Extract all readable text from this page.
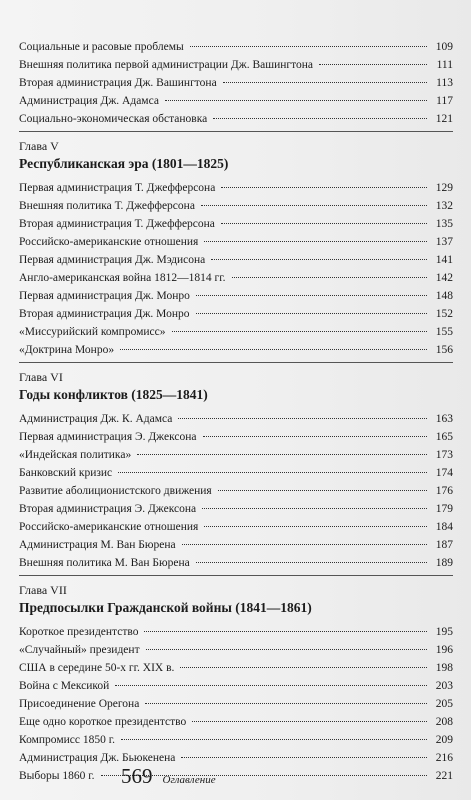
Социальные и расовые проблемы	109
Внешняя политика первой администрации Дж. Вашингтона	111
Вторая администрация Дж. Вашингтона	113
Администрация Дж. Адамса	117
Социально-экономическая обстановка	121
Глава V
Республиканская эра (1801—1825)
Первая администрация Т. Джефферсона	129
Внешняя политика Т. Джефферсона	132
Вторая администрация Т. Джефферсона	135
Российско-американские отношения	137
Первая администрация Дж. Мэдисона	141
Англо-американская война 1812—1814 гг.	142
Первая администрация Дж. Монро	148
Вторая администрация Дж. Монро	152
«Миссурийский компромисс»	155
«Доктрина Монро»	156
Глава VI
Годы конфликтов (1825—1841)
Администрация Дж. К. Адамса	163
Первая администрация Э. Джексона	165
«Индейская политика»	173
Банковский кризис	174
Развитие аболиционистского движения	176
Вторая администрация Э. Джексона	179
Российско-американские отношения	184
Администрация М. Ван Бюрена	187
Внешняя политика М. Ван Бюрена	189
Глава VII
Предпосылки Гражданской войны (1841—1861)
Короткое президентство	195
«Случайный» президент	196
США в середине 50-х гг. XIX в.	198
Война с Мексикой	203
Присоединение Орегона	205
Еще одно короткое президентство	208
Компромисс 1850 г.	209
Администрация Дж. Бьюкенена	216
Выборы 1860 г.	221
569 Оглавление
